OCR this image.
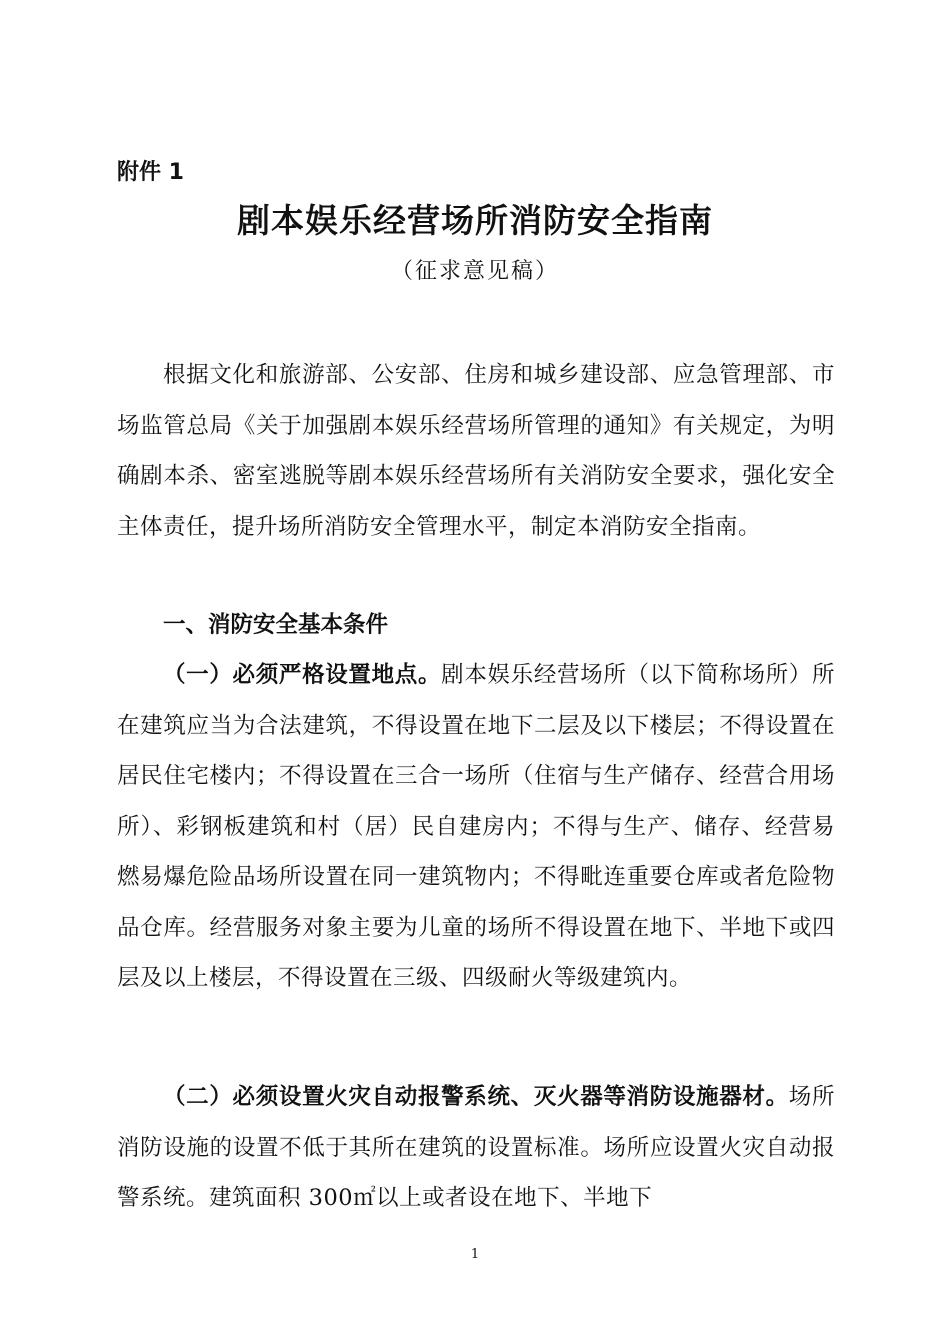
附件 1

剧本娱乐经营场所消防安全指南

（征求意见稿）

根据文化和旅游部、公安部、住房和城乡建设部、应急管理部、市场监管总局《关于加强剧本娱乐经营场所管理的通知》有关规定，为明确剧本杀、密室逃脱等剧本娱乐经营场所有关消防安全要求，强化安全主体责任，提升场所消防安全管理水平，制定本消防安全指南。

一、消防安全基本条件

（一）必须严格设置地点。剧本娱乐经营场所（以下简称场所）所在建筑应当为合法建筑，不得设置在地下二层及以下楼层；不得设置在居民住宅楼内；不得设置在三合一场所（住宿与生产储存、经营合用场所）、彩钢板建筑和村（居）民自建房内；不得与生产、储存、经营易燃易爆危险品场所设置在同一建筑物内；不得毗连重要仓库或者危险物品仓库。经营服务对象主要为儿童的场所不得设置在地下、半地下或四层及以上楼层，不得设置在三级、四级耐火等级建筑内。

（二）必须设置火灾自动报警系统、灭火器等消防设施器材。场所消防设施的设置不低于其所在建筑的设置标准。场所应设置火灾自动报警系统。建筑面积 300㎡以上或者设在地下、半地下

1
